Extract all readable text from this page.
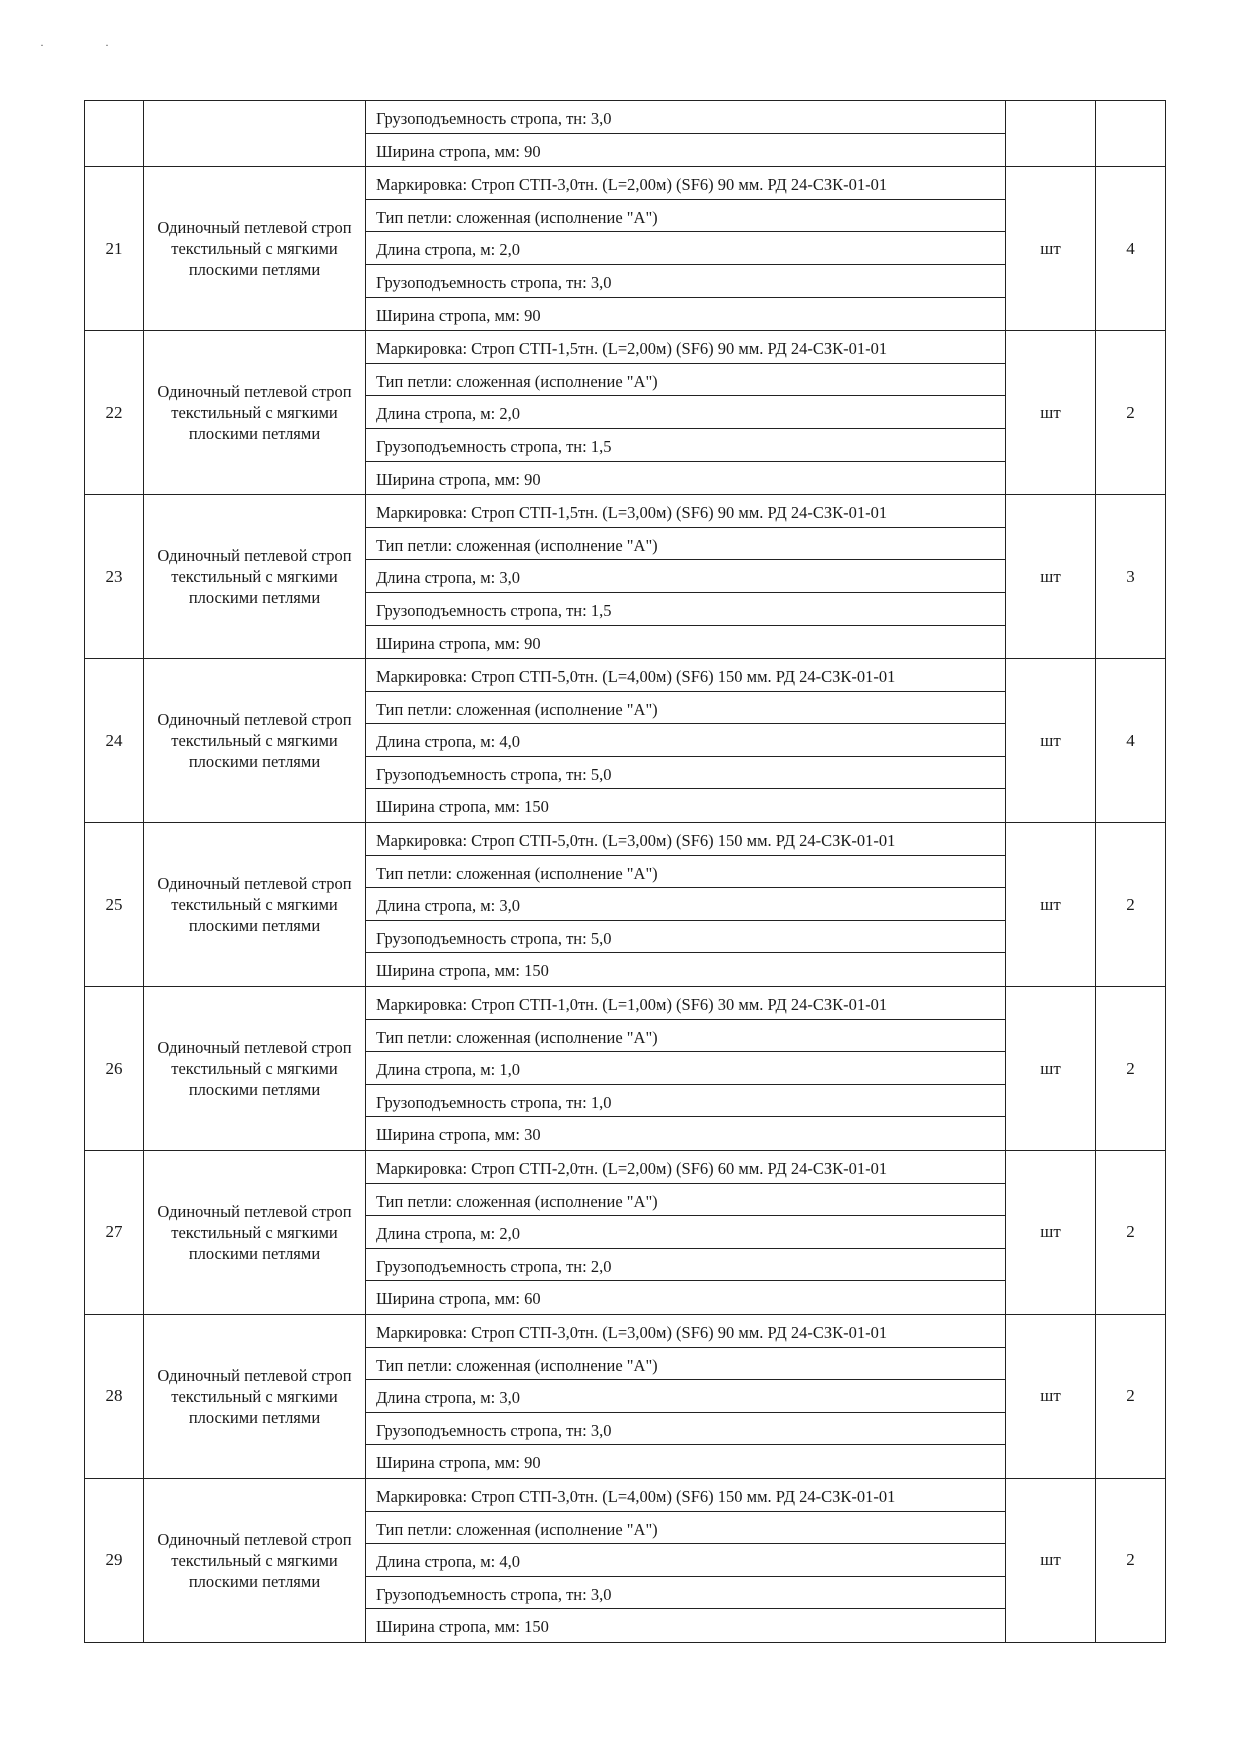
		Грузоподъемность стропа, тн: 3,0
Ширина стропа, мм: 90		

21	Одиночный петлевой строп текстильный с мягкими плоскими петлями	Маркировка: Строп СТП-3,0тн. (L=2,00м) (SF6) 90 мм. РД 24-СЗК-01-01
Тип петли: сложенная (исполнение "А")
Длина стропа, м: 2,0
Грузоподъемность стропа, тн: 3,0
Ширина стропа, мм: 90	шт	4
22	Одиночный петлевой строп текстильный с мягкими плоскими петлями	Маркировка: Строп СТП-1,5тн. (L=2,00м) (SF6) 90 мм. РД 24-СЗК-01-01
Тип петли: сложенная (исполнение "А")
Длина стропа, м: 2,0
Грузоподъемность стропа, тн: 1,5
Ширина стропа, мм: 90	шт	2
23	Одиночный петлевой строп текстильный с мягкими плоскими петлями	Маркировка: Строп СТП-1,5тн. (L=3,00м) (SF6) 90 мм. РД 24-СЗК-01-01
Тип петли: сложенная (исполнение "А")
Длина стропа, м: 3,0
Грузоподъемность стропа, тн: 1,5
Ширина стропа, мм: 90	шт	3
24	Одиночный петлевой строп текстильный с мягкими плоскими петлями	Маркировка: Строп СТП-5,0тн. (L=4,00м) (SF6) 150 мм. РД 24-СЗК-01-01
Тип петли: сложенная (исполнение "А")
Длина стропа, м: 4,0
Грузоподъемность стропа, тн: 5,0
Ширина стропа, мм: 150	шт	4
25	Одиночный петлевой строп текстильный с мягкими плоскими петлями	Маркировка: Строп СТП-5,0тн. (L=3,00м) (SF6) 150 мм. РД 24-СЗК-01-01
Тип петли: сложенная (исполнение "А")
Длина стропа, м: 3,0
Грузоподъемность стропа, тн: 5,0
Ширина стропа, мм: 150	шт	2
26	Одиночный петлевой строп текстильный с мягкими плоскими петлями	Маркировка: Строп СТП-1,0тн. (L=1,00м) (SF6) 30 мм. РД 24-СЗК-01-01
Тип петли: сложенная (исполнение "А")
Длина стропа, м: 1,0
Грузоподъемность стропа, тн: 1,0
Ширина стропа, мм: 30	шт	2
27	Одиночный петлевой строп текстильный с мягкими плоскими петлями	Маркировка: Строп СТП-2,0тн. (L=2,00м) (SF6) 60 мм. РД 24-СЗК-01-01
Тип петли: сложенная (исполнение "А")
Длина стропа, м: 2,0
Грузоподъемность стропа, тн: 2,0
Ширина стропа, мм: 60	шт	2
28	Одиночный петлевой строп текстильный с мягкими плоскими петлями	Маркировка: Строп СТП-3,0тн. (L=3,00м) (SF6) 90 мм. РД 24-СЗК-01-01
Тип петли: сложенная (исполнение "А")
Длина стропа, м: 3,0
Грузоподъемность стропа, тн: 3,0
Ширина стропа, мм: 90	шт	2
29	Одиночный петлевой строп текстильный с мягкими плоскими петлями	Маркировка: Строп СТП-3,0тн. (L=4,00м) (SF6) 150 мм. РД 24-СЗК-01-01
Тип петли: сложенная (исполнение "А")
Длина стропа, м: 4,0
Грузоподъемность стропа, тн: 3,0
Ширина стропа, мм: 150	шт	2
·	·
